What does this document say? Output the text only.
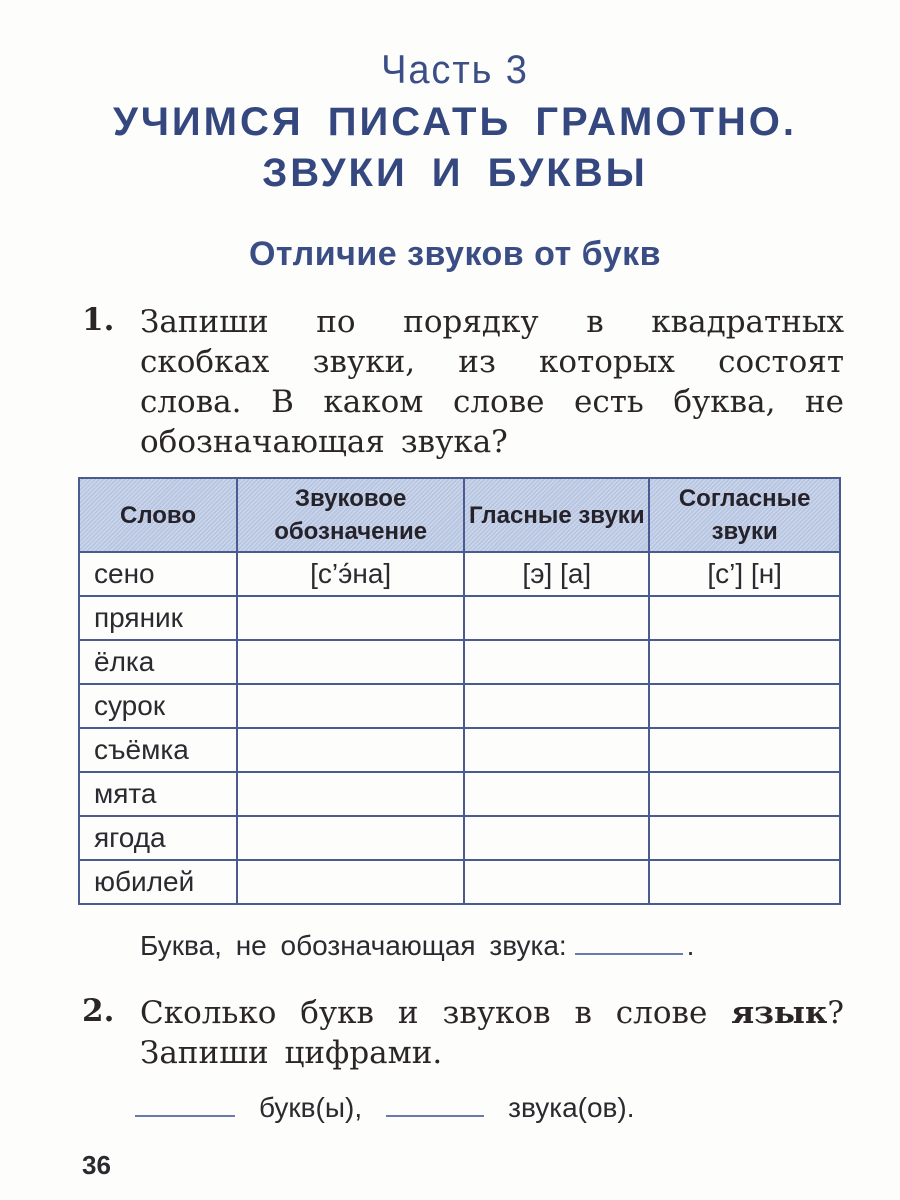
Часть 3
УЧИМСЯ ПИСАТЬ ГРАМОТНО.
ЗВУКИ И БУКВЫ
Отличие звуков от букв
1. Запиши по порядку в квадратных скобках звуки, из которых состоят слова. В каком слове есть буква, не обозначающая звука?
Слово	Звуковое обозначение	Гласные звуки	Согласные звуки
сено	[с’э́на]	[э] [а]	[с’] [н]
пряник			
ёлка			
сурок			
съёмка			
мята			
ягода			
юбилей			
Буква, не обозначающая звука:	.
2. Сколько букв и звуков в слове язык? Запиши цифрами.
букв(ы),	звука(ов).
36
